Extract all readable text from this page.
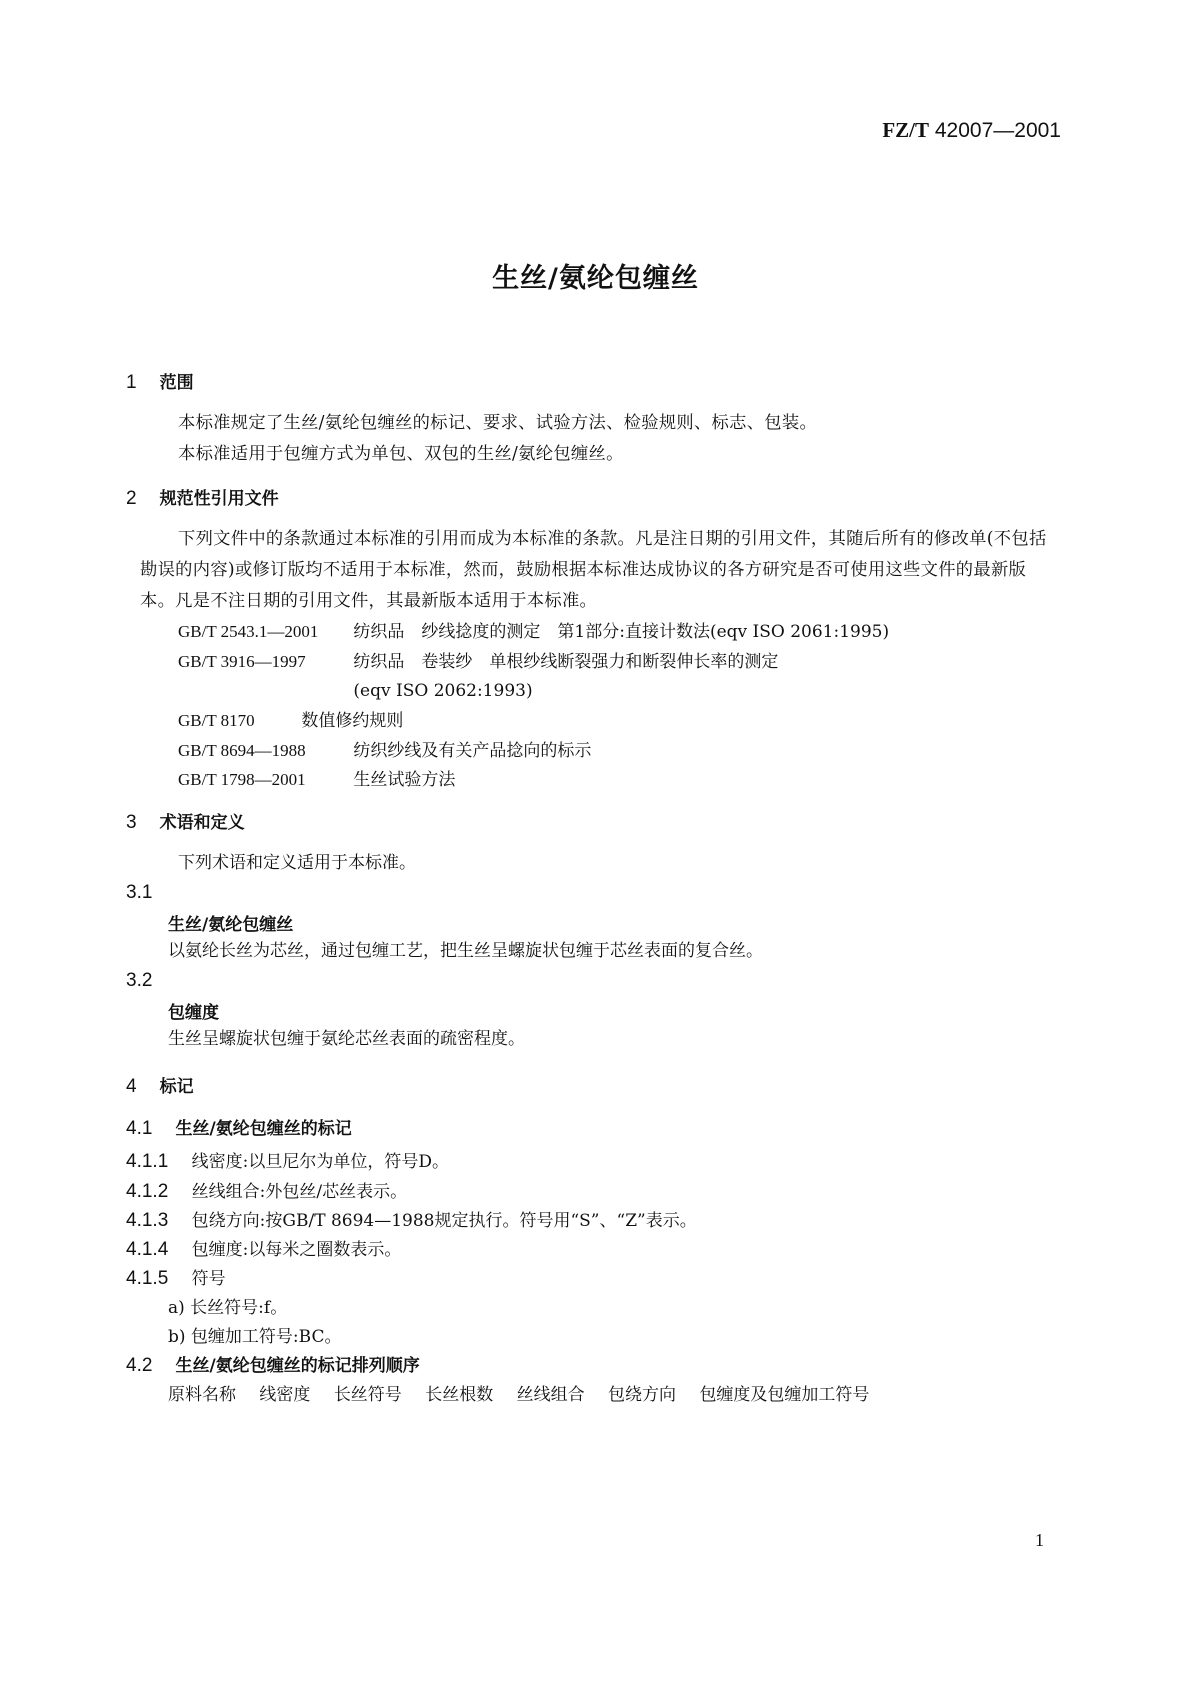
FZ/T 42007—2001
生丝/氨纶包缠丝
1 范围
本标准规定了生丝/氨纶包缠丝的标记、要求、试验方法、检验规则、标志、包装。
本标准适用于包缠方式为单包、双包的生丝/氨纶包缠丝。
2 规范性引用文件
下列文件中的条款通过本标准的引用而成为本标准的条款。凡是注日期的引用文件，其随后所有的修改单(不包括勘误的内容)或修订版均不适用于本标准，然而，鼓励根据本标准达成协议的各方研究是否可使用这些文件的最新版本。凡是不注日期的引用文件，其最新版本适用于本标准。
GB/T 2543.1—2001 纺织品　纱线捻度的测定　第1部分:直接计数法(eqv ISO 2061:1995)
GB/T 3916—1997	纺织品　卷装纱　单根纱线断裂强力和断裂伸长率的测定
(eqv ISO 2062:1993)
GB/T 8170	数值修约规则
GB/T 8694—1988	纺织纱线及有关产品捻向的标示
GB/T 1798—2001	生丝试验方法
3 术语和定义
下列术语和定义适用于本标准。
3.1
生丝/氨纶包缠丝
以氨纶长丝为芯丝，通过包缠工艺，把生丝呈螺旋状包缠于芯丝表面的复合丝。
3.2
包缠度
生丝呈螺旋状包缠于氨纶芯丝表面的疏密程度。
4 标记
4.1 生丝/氨纶包缠丝的标记
4.1.1 线密度:以旦尼尔为单位，符号D。
4.1.2 丝线组合:外包丝/芯丝表示。
4.1.3 包绕方向:按GB/T 8694—1988规定执行。符号用“S”、“Z”表示。
4.1.4 包缠度:以每米之圈数表示。
4.1.5 符号
a) 长丝符号:f。
b) 包缠加工符号:BC。
4.2 生丝/氨纶包缠丝的标记排列顺序
原料名称 线密度 长丝符号 长丝根数 丝线组合 包绕方向 包缠度及包缠加工符号
1
